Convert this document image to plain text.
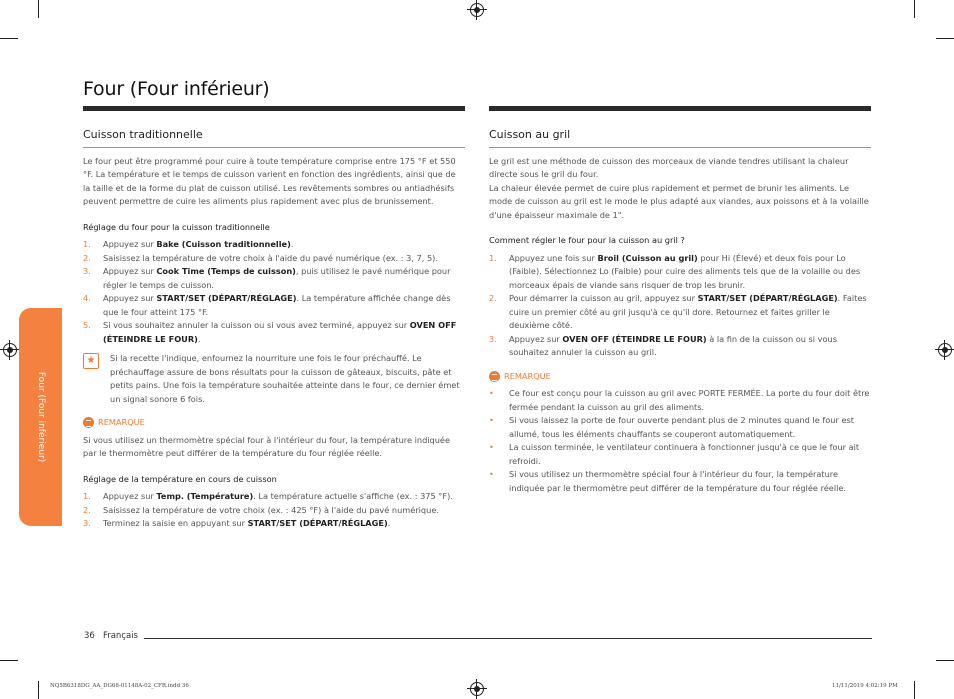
Four (Four inférieur)
Four (Four inférieur)
Cuisson traditionnelle

Le four peut être programmé pour cuire à toute température comprise entre 175 °F et 550 °F. La température et le temps de cuisson varient en fonction des ingrédients, ainsi que de la taille et de la forme du plat de cuisson utilisé. Les revêtements sombres ou antiadhésifs peuvent permettre de cuire les aliments plus rapidement avec plus de brunissement.

Réglage du four pour la cuisson traditionnelle

1. Appuyez sur Bake (Cuisson traditionnelle).
2. Saisissez la température de votre choix à l'aide du pavé numérique (ex. : 3, 7, 5).
3. Appuyez sur Cook Time (Temps de cuisson), puis utilisez le pavé numérique pour régler le temps de cuisson.
4. Appuyez sur START/SET (DÉPART/RÉGLAGE). La température affichée change dès que le four atteint 175 °F.
5. Si vous souhaitez annuler la cuisson ou si vous avez terminé, appuyez sur OVEN OFF (ÉTEINDRE LE FOUR).
★	Si la recette l'indique, enfournez la nourriture une fois le four préchauffé. Le préchauffage assure de bons résultats pour la cuisson de gâteaux, biscuits, pâte et petits pains. Une fois la température souhaitée atteinte dans le four, ce dernier émet un signal sonore 6 fois.
REMARQUE

Si vous utilisez un thermomètre spécial four à l'intérieur du four, la température indiquée par le thermomètre peut différer de la température du four réglée réelle.

Réglage de la température en cours de cuisson

1. Appuyez sur Temp. (Température). La température actuelle s'affiche (ex. : 375 °F).
2. Saisissez la température de votre choix (ex. : 425 °F) à l'aide du pavé numérique.
3. Terminez la saisie en appuyant sur START/SET (DÉPART/RÉGLAGE).
Cuisson au gril

Le gril est une méthode de cuisson des morceaux de viande tendres utilisant la chaleur directe sous le gril du four.

La chaleur élevée permet de cuire plus rapidement et permet de brunir les aliments. Le mode de cuisson au gril est le mode le plus adapté aux viandes, aux poissons et à la volaille d'une épaisseur maximale de 1".

Comment régler le four pour la cuisson au gril ?

1. Appuyez une fois sur Broil (Cuisson au gril) pour Hi (Élevé) et deux fois pour Lo (Faible). Sélectionnez Lo (Faible) pour cuire des aliments tels que de la volaille ou des morceaux épais de viande sans risquer de trop les brunir.
2. Pour démarrer la cuisson au gril, appuyez sur START/SET (DÉPART/RÉGLAGE). Faites cuire un premier côté au gril jusqu'à ce qu'il dore. Retournez et faites griller le deuxième côté.
3. Appuyez sur OVEN OFF (ÉTEINDRE LE FOUR) à la fin de la cuisson ou si vous souhaitez annuler la cuisson au gril.
REMARQUE
• Ce four est conçu pour la cuisson au gril avec PORTE FERMÉE. La porte du four doit être fermée pendant la cuisson au gril des aliments.
• Si vous laissez la porte de four ouverte pendant plus de 2 minutes quand le four est allumé, tous les éléments chauffants se couperont automatiquement.
• La cuisson terminée, le ventilateur continuera à fonctionner jusqu'à ce que le four ait refroidi.
• Si vous utilisez un thermomètre spécial four à l'intérieur du four, la température indiquée par le thermomètre peut différer de la température du four réglée réelle.
36 Français
NQ5B6318DG_AA_DG68-01148A-02_CFR.indd 36	11/11/2019 4:02:19 PM
